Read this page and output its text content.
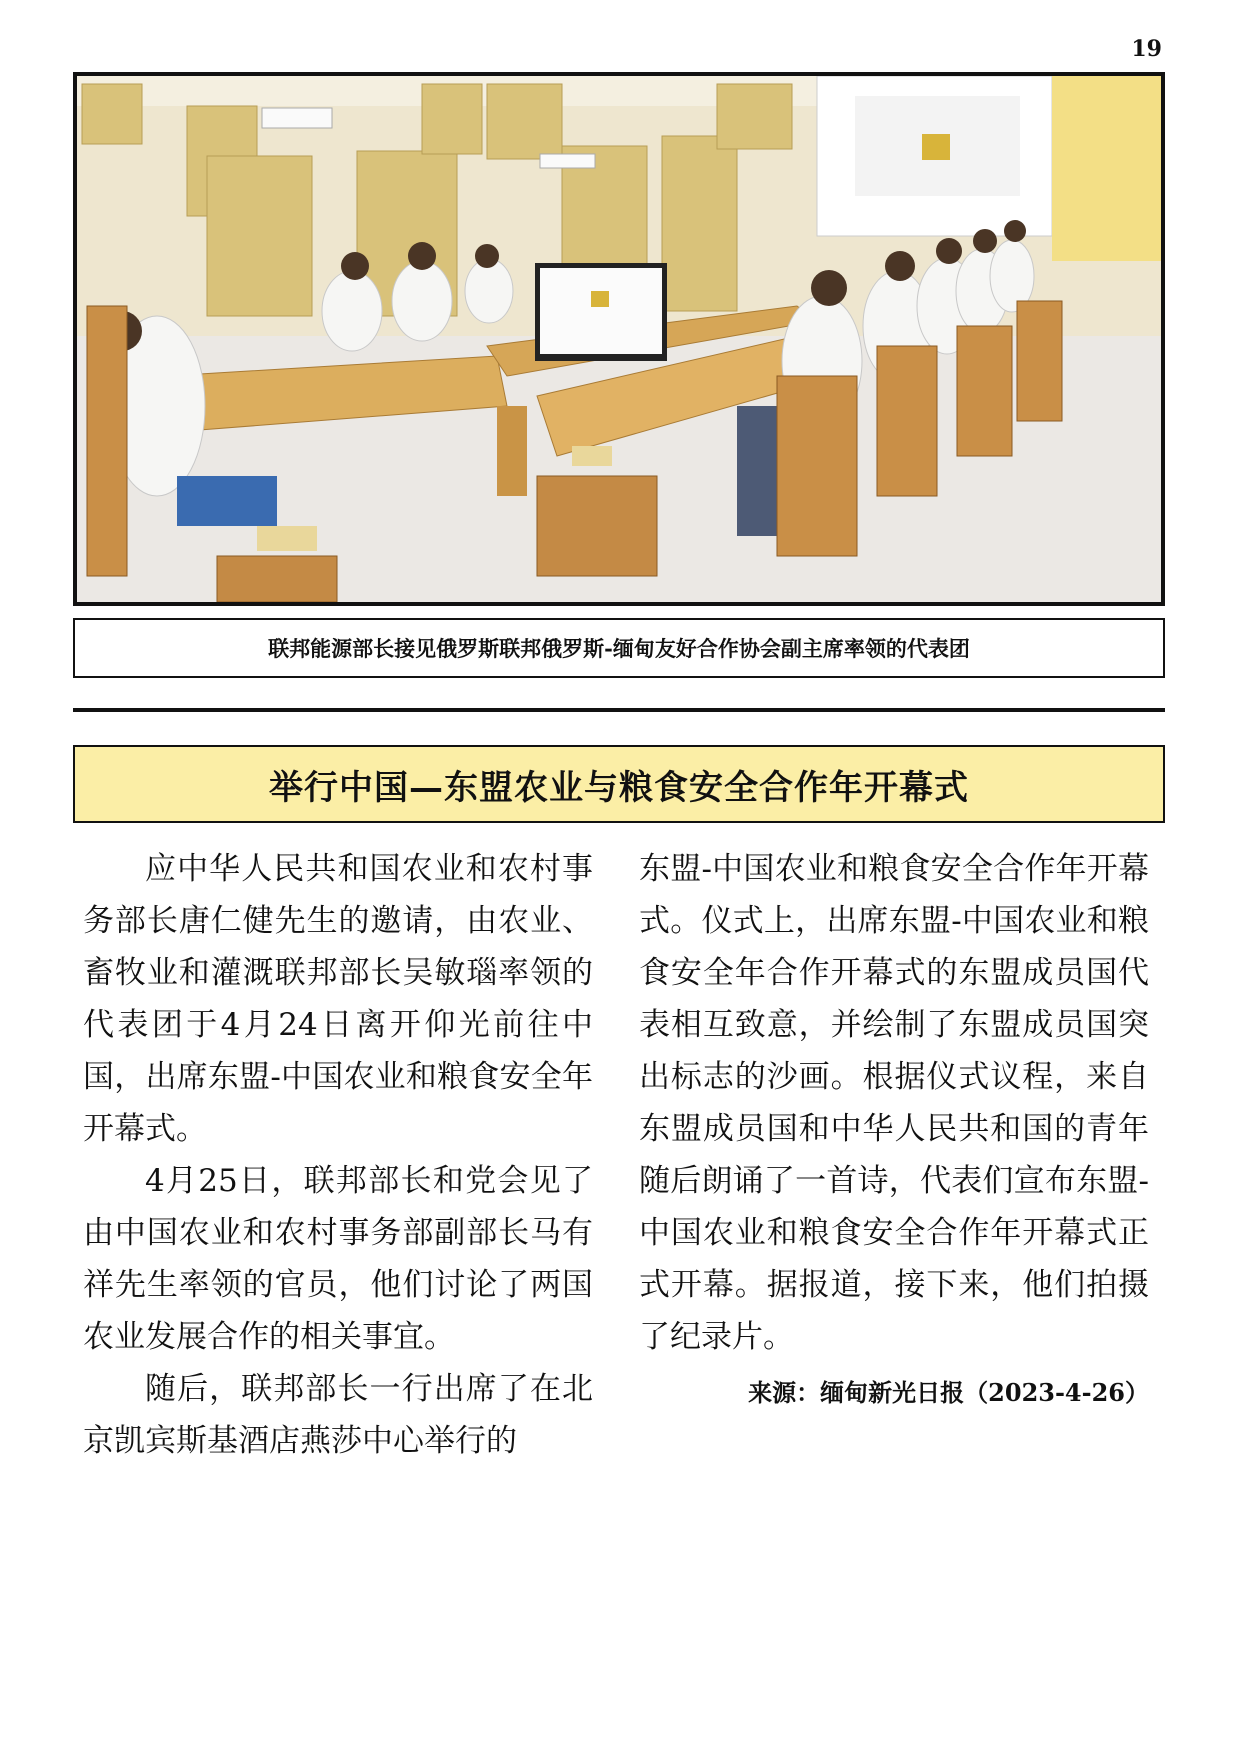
19
联邦能源部长接见俄罗斯联邦俄罗斯-缅甸友好合作协会副主席率领的代表团
举行中国—东盟农业与粮食安全合作年开幕式

应中华人民共和国农业和农村事务部长唐仁健先生的邀请，由农业、畜牧业和灌溉联邦部长吴敏瑙率领的代表团于4月24日离开仰光前往中国，出席东盟-中国农业和粮食安全年开幕式。

4月25日，联邦部长和党会见了由中国农业和农村事务部副部长马有祥先生率领的官员，他们讨论了两国农业发展合作的相关事宜。

随后，联邦部长一行出席了在北京凯宾斯基酒店燕莎中心举行的

东盟-中国农业和粮食安全合作年开幕式。仪式上，出席东盟-中国农业和粮食安全年合作开幕式的东盟成员国代表相互致意，并绘制了东盟成员国突出标志的沙画。根据仪式议程，来自东盟成员国和中华人民共和国的青年随后朗诵了一首诗，代表们宣布东盟-中国农业和粮食安全合作年开幕式正式开幕。据报道，接下来，他们拍摄了纪录片。

来源：缅甸新光日报（2023-4-26）
